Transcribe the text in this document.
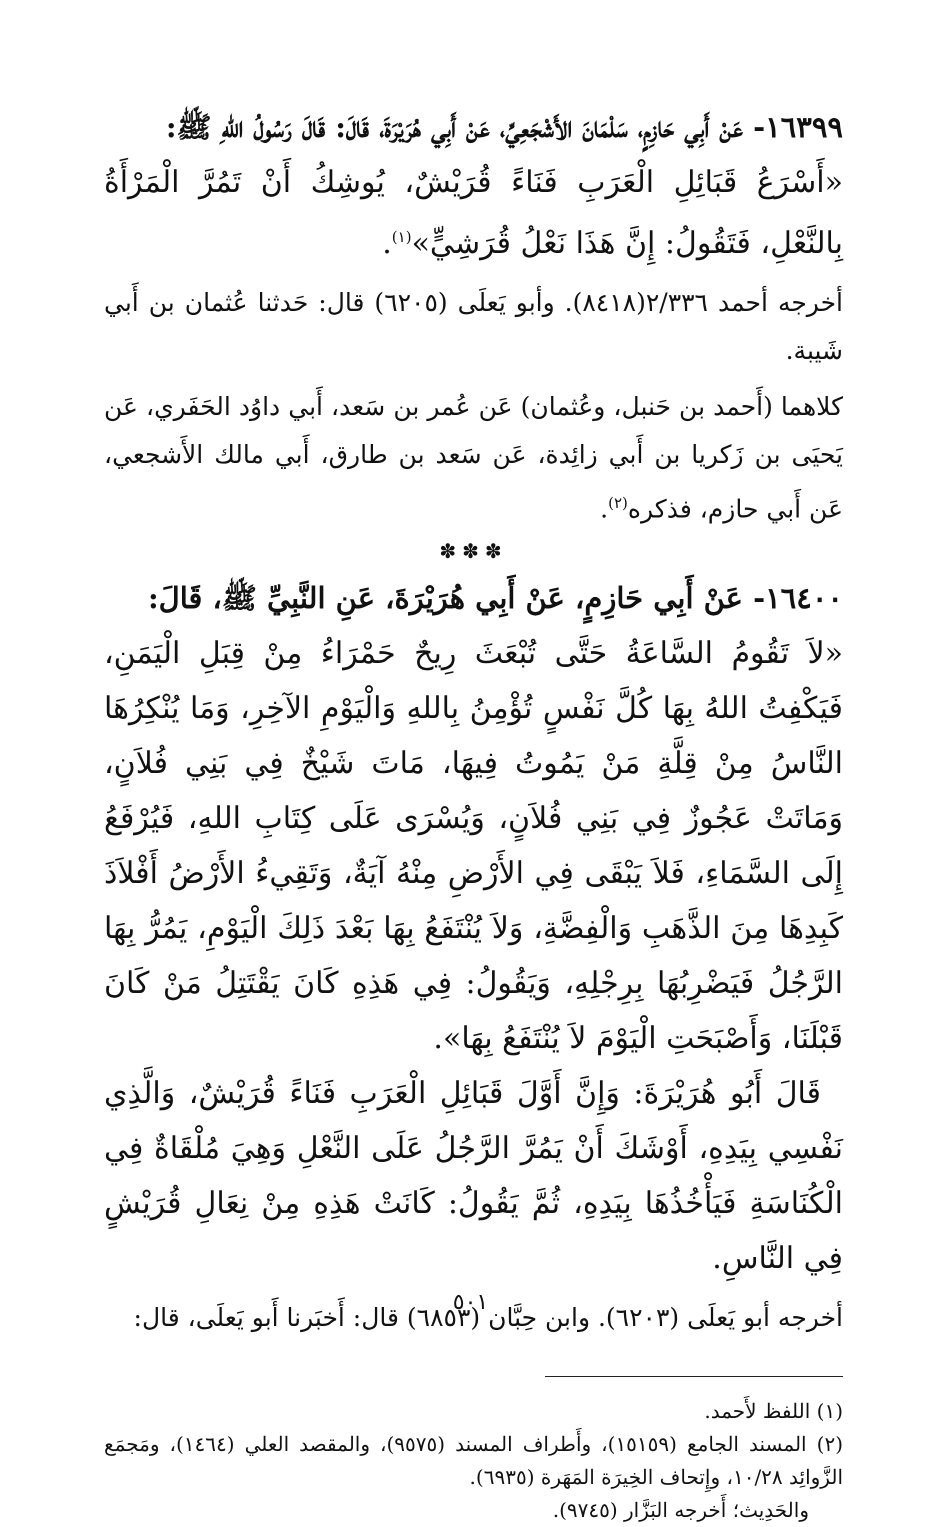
١٦٣٩٩- عَنْ أَبِي حَازِمٍ، سَلْمَانَ الأَشْجَعِيِّ، عَنْ أَبِي هُرَيْرَةَ، قَالَ: قَالَ رَسُولُ اللهِ ﷺ:

«أَسْرَعُ قَبَائِلِ الْعَرَبِ فَنَاءً قُرَيْشٌ، يُوشِكُ أَنْ تَمُرَّ الْمَرْأَةُ بِالنَّعْلِ، فَتَقُولُ: إِنَّ هَذَا نَعْلُ قُرَشِيٍّ»$^{(١)}$.

أخرجه أحمد ٢/٣٣٦(٨٤١٨). وأبو يَعلَى (٦٢٠٥) قال: حَدثنا عُثمان بن أَبي شَيبة.

كلاهما (أَحمد بن حَنبل، وعُثمان) عَن عُمر بن سَعد، أَبي داوُد الحَفَري، عَن يَحيَى بن زَكريا بن أَبي زائِدة، عَن سَعد بن طارق، أَبي مالك الأَشجعي، عَن أَبي حازم، فذكره$^{(٢)}$.

✽✽✽

١٦٤٠٠- عَنْ أَبِي حَازِمٍ، عَنْ أَبِي هُرَيْرَةَ، عَنِ النَّبِيِّ ﷺ، قَالَ:

«لاَ تَقُومُ السَّاعَةُ حَتَّى تُبْعَثَ رِيحٌ حَمْرَاءُ مِنْ قِبَلِ الْيَمَنِ، فَيَكْفِتُ اللهُ بِهَا كُلَّ نَفْسٍ تُؤْمِنُ بِاللهِ وَالْيَوْمِ الآخِرِ، وَمَا يُنْكِرُهَا النَّاسُ مِنْ قِلَّةِ مَنْ يَمُوتُ فِيهَا، مَاتَ شَيْخٌ فِي بَنِي فُلاَنٍ، وَمَاتَتْ عَجُوزٌ فِي بَنِي فُلاَنٍ، وَيُسْرَى عَلَى كِتَابِ اللهِ، فَيُرْفَعُ إِلَى السَّمَاءِ، فَلاَ يَبْقَى فِي الأَرْضِ مِنْهُ آيَةٌ، وَتَقِيءُ الأَرْضُ أَفْلاَذَ كَبِدِهَا مِنَ الذَّهَبِ وَالْفِضَّةِ، وَلاَ يُنْتَفَعُ بِهَا بَعْدَ ذَلِكَ الْيَوْمِ، يَمُرُّ بِهَا الرَّجُلُ فَيَضْرِبُهَا بِرِجْلِهِ، وَيَقُولُ: فِي هَذِهِ كَانَ يَقْتَتِلُ مَنْ كَانَ قَبْلَنَا، وَأَصْبَحَتِ الْيَوْمَ لاَ يُنْتَفَعُ بِهَا».

قَالَ أَبُو هُرَيْرَةَ: وَإِنَّ أَوَّلَ قَبَائِلِ الْعَرَبِ فَنَاءً قُرَيْشٌ، وَالَّذِي نَفْسِي بِيَدِهِ، أَوْشَكَ أَنْ يَمُرَّ الرَّجُلُ عَلَى النَّعْلِ وَهِيَ مُلْقَاةٌ فِي الْكُنَاسَةِ فَيَأْخُذُهَا بِيَدِهِ، ثُمَّ يَقُولُ: كَانَتْ هَذِهِ مِنْ نِعَالِ قُرَيْشٍ فِي النَّاسِ.

أخرجه أبو يَعلَى (٦٢٠٣). وابن حِبَّان (٦٨٥٣) قال: أَخبَرنا أَبو يَعلَى، قال:

(١) اللفظ لأَحمد.

(٢) المسند الجامع (١٥١٥٩)، وأَطراف المسند (٩٥٧٥)، والمقصد العلي (١٤٦٤)، ومَجمَع الزَّوائِد ١٠/٢٨، وإِتحاف الخِيرَة المَهَرة (٦٩٣٥).

والحَدِيث؛ أَخرجه البَزَّار (٩٧٤٥).

٥٠١
